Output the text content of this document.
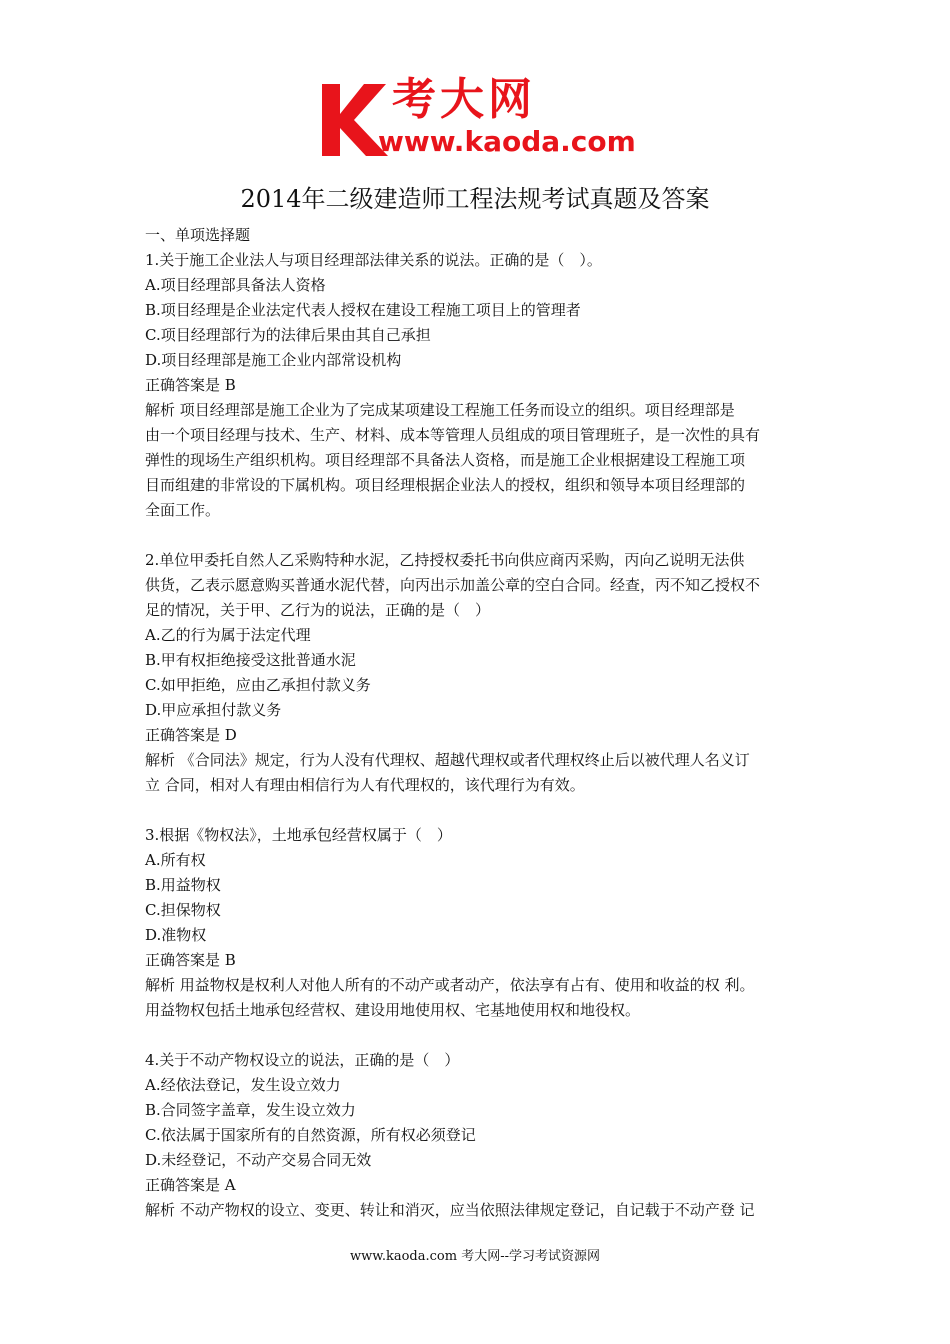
考大网
www.kaoda.com
2014年二级建造师工程法规考试真题及答案

一、单项选择题

1.关于施工企业法人与项目经理部法律关系的说法。正确的是（　）。

A.项目经理部具备法人资格

B.项目经理是企业法定代表人授权在建设工程施工项目上的管理者

C.项目经理部行为的法律后果由其自己承担

D.项目经理部是施工企业内部常设机构

正确答案是 B

解析 项目经理部是施工企业为了完成某项建设工程施工任务而设立的组织。项目经理部是

由一个项目经理与技术、生产、材料、成本等管理人员组成的项目管理班子，是一次性的具有

弹性的现场生产组织机构。项目经理部不具备法人资格，而是施工企业根据建设工程施工项

目而组建的非常设的下属机构。项目经理根据企业法人的授权，组织和领导本项目经理部的

全面工作。

2.单位甲委托自然人乙采购特种水泥，乙持授权委托书向供应商丙采购，丙向乙说明无法供

供货，乙表示愿意购买普通水泥代替，向丙出示加盖公章的空白合同。经查，丙不知乙授权不

足的情况，关于甲、乙行为的说法，正确的是（　）

A.乙的行为属于法定代理

B.甲有权拒绝接受这批普通水泥

C.如甲拒绝，应由乙承担付款义务

D.甲应承担付款义务

正确答案是 D

解析 《合同法》规定，行为人没有代理权、超越代理权或者代理权终止后以被代理人名义订

立 合同，相对人有理由相信行为人有代理权的，该代理行为有效。

3.根据《物权法》，土地承包经营权属于（　）

A.所有权

B.用益物权

C.担保物权

D.准物权

正确答案是 B

解析 用益物权是权利人对他人所有的不动产或者动产，依法享有占有、使用和收益的权 利。

用益物权包括土地承包经营权、建设用地使用权、宅基地使用权和地役权。

4.关于不动产物权设立的说法，正确的是（　）

A.经依法登记，发生设立效力

B.合同签字盖章，发生设立效力

C.依法属于国家所有的自然资源，所有权必须登记

D.未经登记，不动产交易合同无效

正确答案是 A

解析 不动产物权的设立、变更、转让和消灭，应当依照法律规定登记，自记载于不动产登 记

www.kaoda.com 考大网--学习考试资源网
